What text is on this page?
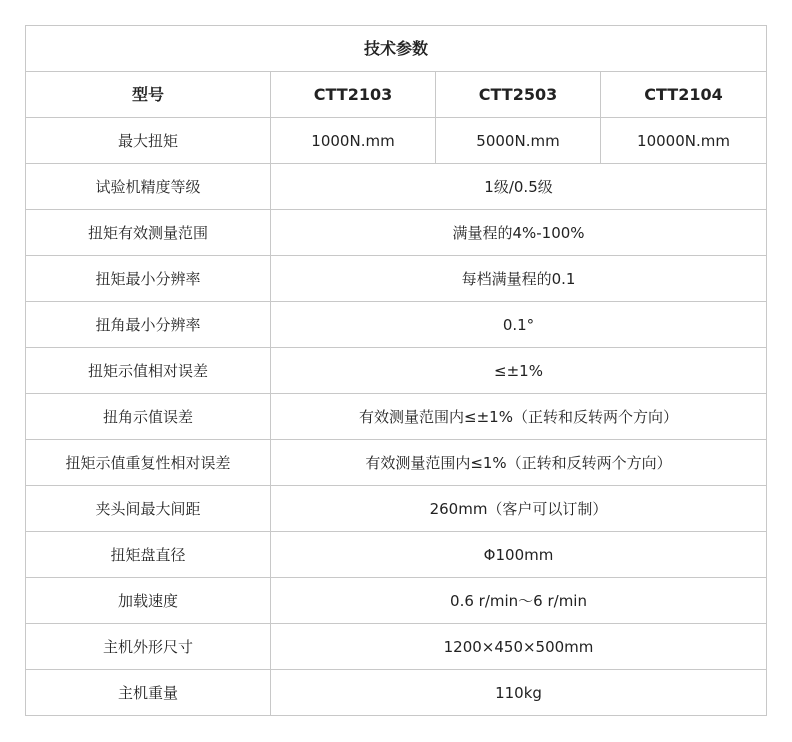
技术参数			
型号	CTT2103	CTT2503	CTT2104
最大扭矩	1000N.mm	5000N.mm	10000N.mm
试验机精度等级	1级/0.5级		
扭矩有效测量范围	满量程的4%-100%		
扭矩最小分辨率	每档满量程的0.1		
扭角最小分辨率	0.1°		
扭矩示值相对误差	≤±1%		
扭角示值误差	有效测量范围内≤±1%（正转和反转两个方向）		
扭矩示值重复性相对误差	有效测量范围内≤1%（正转和反转两个方向）		
夹头间最大间距	260mm（客户可以订制）		
扭矩盘直径	Φ100mm		
加载速度	0.6 r/min～6 r/min		
主机外形尺寸	1200×450×500mm		
主机重量	110kg		
